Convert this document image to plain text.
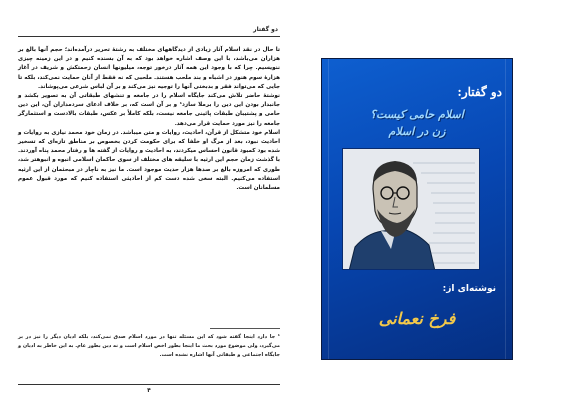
دو گفتار

تا حال در نقد اسلام آثار زیادی از دیدگاههای مختلف به رشتهٔ تحریر درآمده‌اند؛ حجم آنها بالغ بر هزاران می‌باشد، با این وصف اشاره خواهد بود که به آن بسنده کنیم و در این زمینه چیزی ننویسیم. چرا که با وجود این همه آثار درخور توجه، میلیونها انسان زحمتکش و شریف در آغاز هزارهٔ سوم هنوز در اشباه و بند ملحب هستند. ملحبی که نه فقط از آنان حمایت نمی‌کند، بلکه تا جایی که می‌تواند فقر و بدبختی آنها را توجیه نیز می‌کند و بر آن لباس شرعی می‌پوشاند.

نوشتهٔ حاضر تلاش می‌کند جایگاه اسلام را در جامعه و تنشهای طبقاتی آن به تصویر بکشد و جانبدار بودن این دین را برملا سازد¹ و بر آن است که، بر خلاف ادعای سردمداران آن، این دین حامی و پشتیبان طبقات پائینی جامعه نیست، بلکه کاملاً بر عکس، طبقات بالادست و استثمارگر جامعه را نیز مورد حمایت قرار می‌دهد.

اسلام خود متشکل از قرآن، احادیث، روایات و متن میباشد. در زمان خود محمد نیازی به روایات و احادیث نبود، بعد از مرگ او خلفا که برای حکومت کردن بخصوص بر مناطق تازه‌ای که تسخیر شده بود کمبود قانون احساس میکردند، به احادیث و روایات از گفته ها و رفتار محمد پناه آوردند. با گذشت زمان حجم این ارثیه با سلیقه های مختلف از سوی حاکمان اسلامی انبوه و انبوهتر شد، طوری که امروزه بالغ بر صدها هزار حدیث موجود است. ما نیز به ناچار در مبحثمان از این ارثیه استفاده می‌کنیم. البته سعی شده دست کم از احادیثی استفاده کنیم که مورد قبول عموم مسلمانان است.

¹ جا دارد اینجا گفته شود که این مسئله تنها در مورد اسلام صدق نمی‌کند، بلکه ادیان دیگر را نیز در بر می‌گیرد، ولی موضوع مورد بحث ما اینجا بطور اخص اسلام است و نه دین بطور عام. به این خاطر به ادیان و جایگاه اجتماعی و طبقاتی آنها اشاره نشده است.
۴
دو گفتار:
اسلام حامی کیست؟
زن در اسلام
نوشته‌ای از:
فرخ نعمانی
